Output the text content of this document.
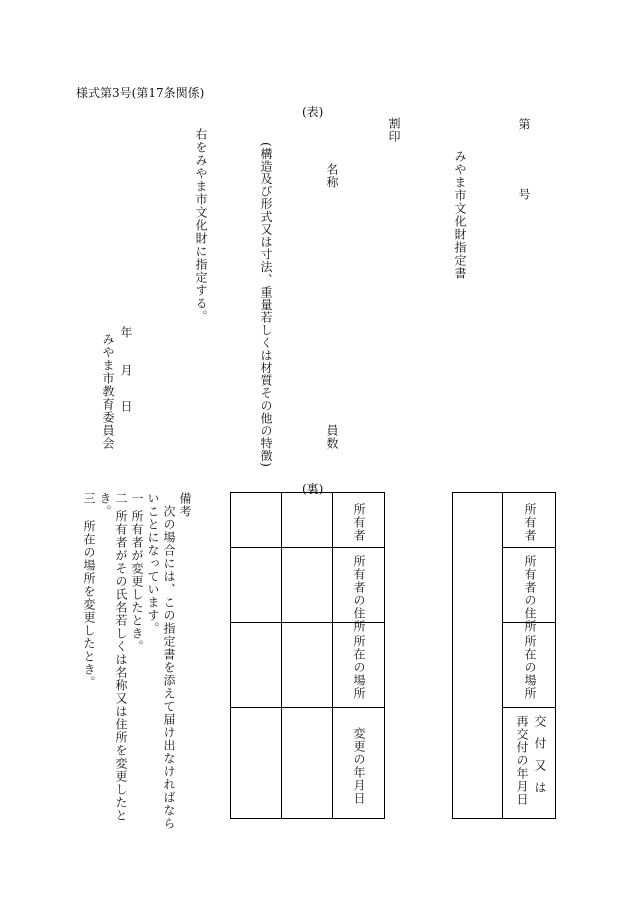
様式第3号(第17条関係)
(表)
第
号
みやま市文化財指定書
割印
名称
員数
(構造及び形式又は寸法、重量若しくは材質その他の特徴)
右をみやま市文化財に指定する。
年
月
日
みやま市教育委員会
(裏)
所有者
所有者の住所
所在の場所
交付又は
再交付の年月日
所有者
所有者の住所
所在の場所
変更の年月日
備考
次の場合には、この指定書を添えて届け出なければなら
いことになっています。
一 所有者が変更したとき。
二 所有者がその氏名若しくは名称又は住所を変更したと
き。
三
所在の場所を変更したとき。
